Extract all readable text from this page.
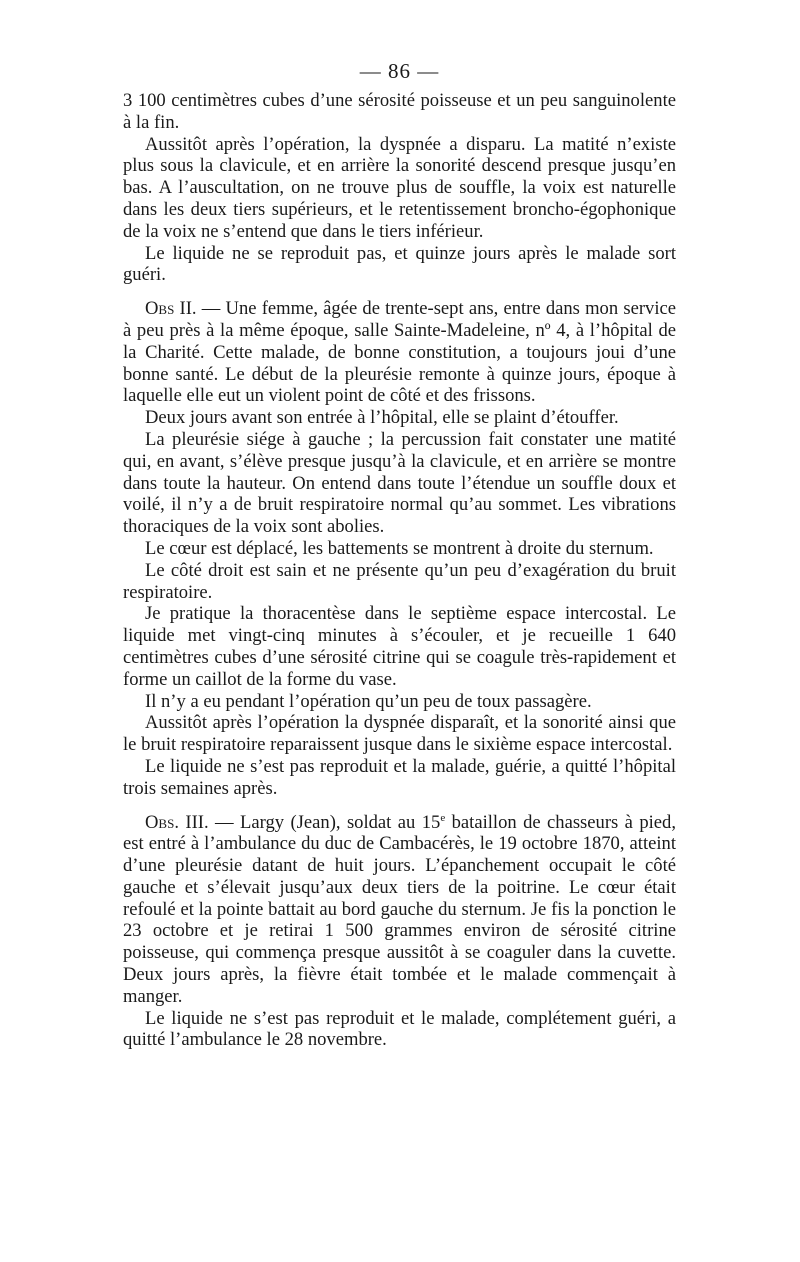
— 86 —

3 100 centimètres cubes d’une sérosité poisseuse et un peu sanguinolente à la fin.

Aussitôt après l’opération, la dyspnée a disparu. La matité n’existe plus sous la clavicule, et en arrière la sonorité descend presque jusqu’en bas. A l’auscultation, on ne trouve plus de souffle, la voix est naturelle dans les deux tiers supérieurs, et le retentissement broncho-égophonique de la voix ne s’entend que dans le tiers inférieur.

Le liquide ne se reproduit pas, et quinze jours après le malade sort guéri.

Obs II. — Une femme, âgée de trente-sept ans, entre dans mon service à peu près à la même époque, salle Sainte-Madeleine, nº 4, à l’hôpital de la Charité. Cette malade, de bonne constitution, a toujours joui d’une bonne santé. Le début de la pleurésie remonte à quinze jours, époque à laquelle elle eut un violent point de côté et des frissons.

Deux jours avant son entrée à l’hôpital, elle se plaint d’étouffer.

La pleurésie siége à gauche ; la percussion fait constater une matité qui, en avant, s’élève presque jusqu’à la clavicule, et en arrière se montre dans toute la hauteur. On entend dans toute l’étendue un souffle doux et voilé, il n’y a de bruit respiratoire normal qu’au sommet. Les vibrations thoraciques de la voix sont abolies.

Le cœur est déplacé, les battements se montrent à droite du sternum.

Le côté droit est sain et ne présente qu’un peu d’exagération du bruit respiratoire.

Je pratique la thoracentèse dans le septième espace intercostal. Le liquide met vingt-cinq minutes à s’écouler, et je recueille 1 640 centimètres cubes d’une sérosité citrine qui se coagule très-rapidement et forme un caillot de la forme du vase.

Il n’y a eu pendant l’opération qu’un peu de toux passagère.

Aussitôt après l’opération la dyspnée disparaît, et la sonorité ainsi que le bruit respiratoire reparaissent jusque dans le sixième espace intercostal.

Le liquide ne s’est pas reproduit et la malade, guérie, a quitté l’hôpital trois semaines après.

Obs. III. — Largy (Jean), soldat au 15e bataillon de chasseurs à pied, est entré à l’ambulance du duc de Cambacérès, le 19 octobre 1870, atteint d’une pleurésie datant de huit jours. L’épanchement occupait le côté gauche et s’élevait jusqu’aux deux tiers de la poitrine. Le cœur était refoulé et la pointe battait au bord gauche du sternum. Je fis la ponction le 23 octobre et je retirai 1 500 grammes environ de sérosité citrine poisseuse, qui commença presque aussitôt à se coaguler dans la cuvette. Deux jours après, la fièvre était tombée et le malade commençait à manger.

Le liquide ne s’est pas reproduit et le malade, complétement guéri, a quitté l’ambulance le 28 novembre.
